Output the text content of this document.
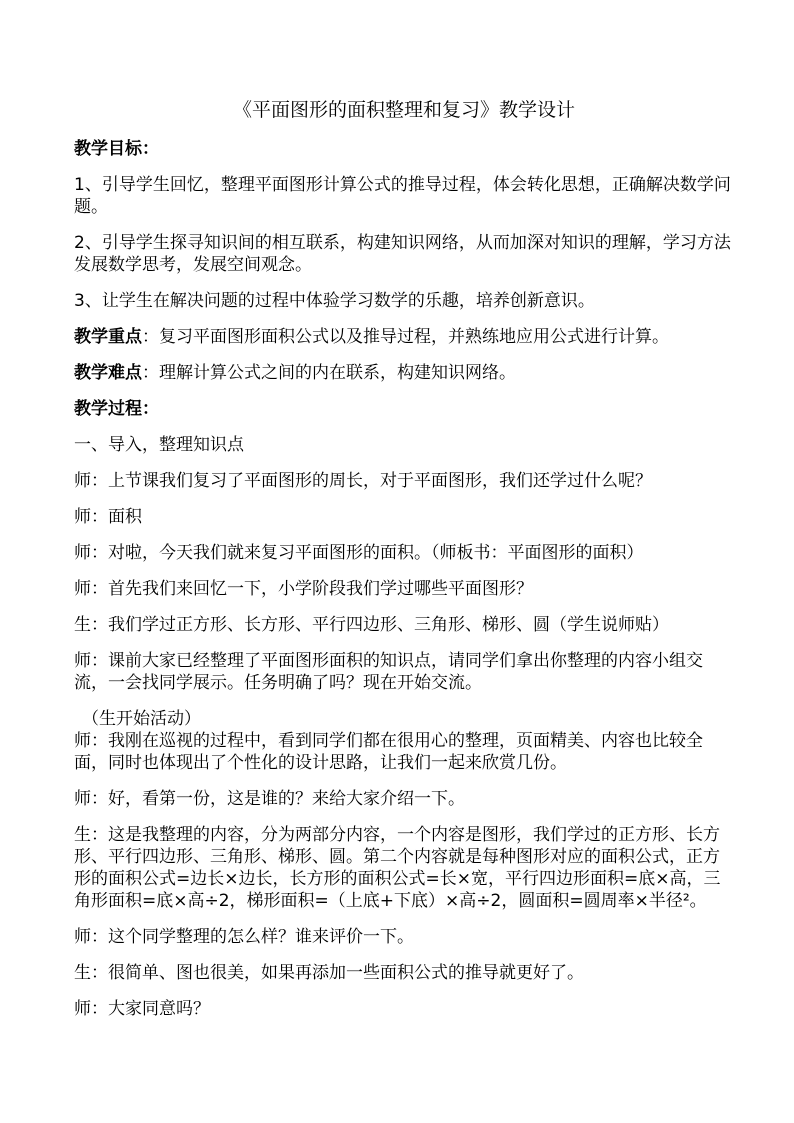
《平面图形的面积整理和复习》教学设计
教学目标：
1、引导学生回忆，整理平面图形计算公式的推导过程，体会转化思想，正确解决数学问题。
2、引导学生探寻知识间的相互联系，构建知识网络，从而加深对知识的理解，学习方法发展数学思考，发展空间观念。
3、让学生在解决问题的过程中体验学习数学的乐趣，培养创新意识。
教学重点：复习平面图形面积公式以及推导过程，并熟练地应用公式进行计算。
教学难点：理解计算公式之间的内在联系，构建知识网络。
教学过程：
一、导入，整理知识点
师：上节课我们复习了平面图形的周长，对于平面图形，我们还学过什么呢？
师：面积
师：对啦，今天我们就来复习平面图形的面积。（师板书：平面图形的面积）
师：首先我们来回忆一下，小学阶段我们学过哪些平面图形？
生：我们学过正方形、长方形、平行四边形、三角形、梯形、圆（学生说师贴）
师：课前大家已经整理了平面图形面积的知识点，请同学们拿出你整理的内容小组交流，一会找同学展示。任务明确了吗？现在开始交流。
（生开始活动）
师：我刚在巡视的过程中，看到同学们都在很用心的整理，页面精美、内容也比较全面，同时也体现出了个性化的设计思路，让我们一起来欣赏几份。
师：好，看第一份，这是谁的？来给大家介绍一下。
生：这是我整理的内容，分为两部分内容，一个内容是图形，我们学过的正方形、长方形、平行四边形、三角形、梯形、圆。第二个内容就是每种图形对应的面积公式，正方形的面积公式=边长×边长，长方形的面积公式=长×宽，平行四边形面积=底×高，三角形面积=底×高÷2，梯形面积=（上底+下底）×高÷2，圆面积=圆周率×半径²。
师：这个同学整理的怎么样？谁来评价一下。
生：很简单、图也很美，如果再添加一些面积公式的推导就更好了。
师：大家同意吗？
